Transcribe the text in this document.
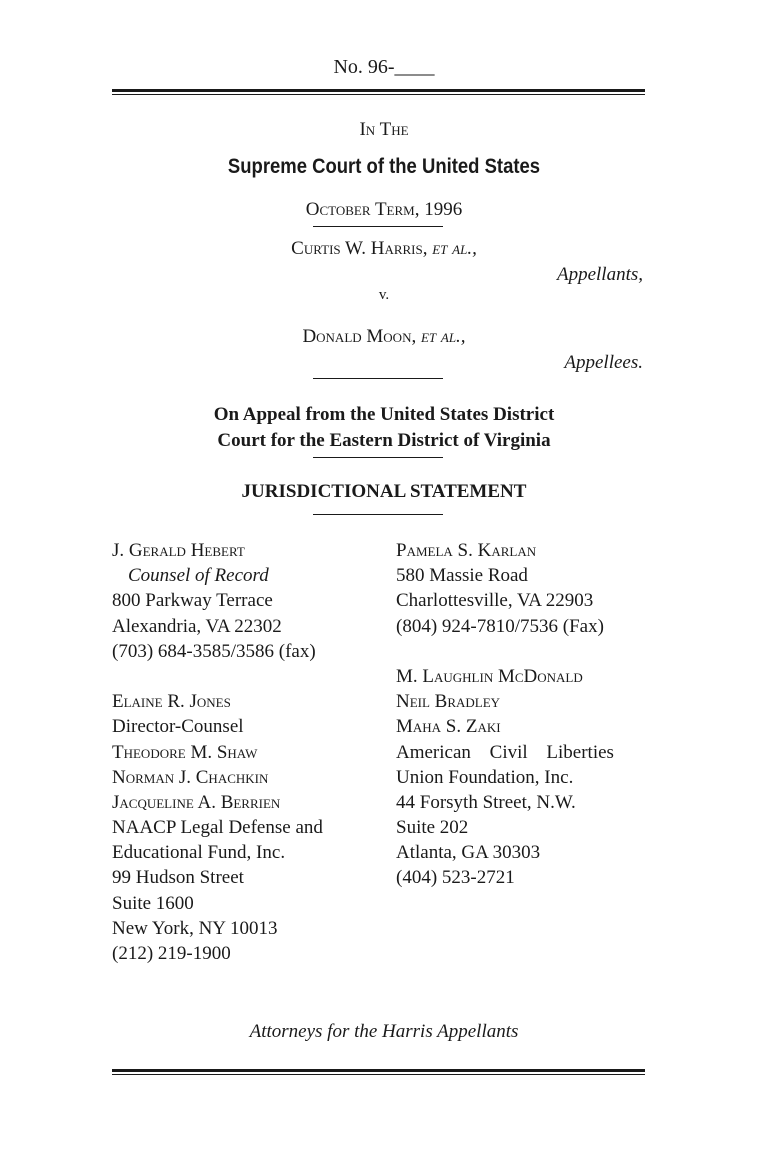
No. 96-____
In The
Supreme Court of the United States
October Term, 1996
Curtis W. Harris, et al.,
Appellants,
v.
Donald Moon, et al.,
Appellees.
On Appeal from the United States District
Court for the Eastern District of Virginia
JURISDICTIONAL STATEMENT
J. Gerald Hebert
Counsel of Record
800 Parkway Terrace
Alexandria, VA 22302
(703) 684-3585/3586 (fax)
Elaine R. Jones
Director-Counsel
Theodore M. Shaw
Norman J. Chachkin
Jacqueline A. Berrien
NAACP Legal Defense and
Educational Fund, Inc.
99 Hudson Street
Suite 1600
New York, NY 10013
(212) 219-1900
Pamela S. Karlan
580 Massie Road
Charlottesville, VA 22903
(804) 924-7810/7536 (Fax)
M. Laughlin McDonald
Neil Bradley
Maha S. Zaki
American Civil Liberties
Union Foundation, Inc.
44 Forsyth Street, N.W.
Suite 202
Atlanta, GA 30303
(404) 523-2721
Attorneys for the Harris Appellants
